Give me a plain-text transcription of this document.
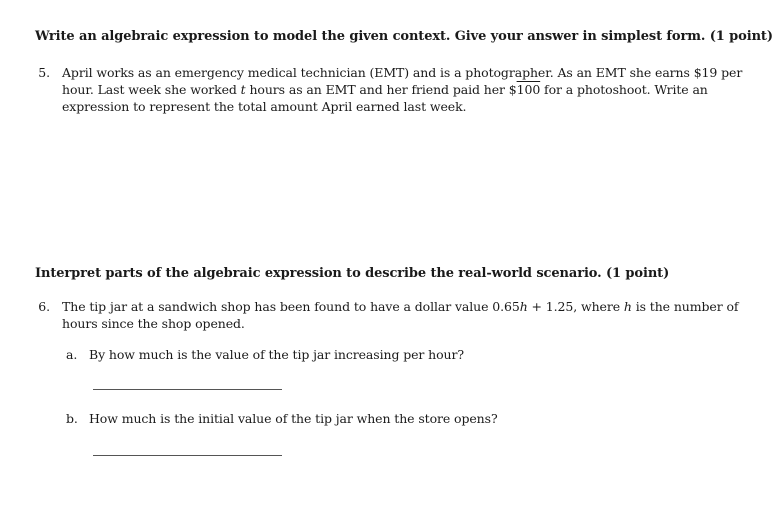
Write an algebraic expression to model the given context. Give your answer in simplest form. (1 point)
5. April works as an emergency medical technician (EMT) and is a photographer. As an EMT she earns $19 per
hour. Last week she worked t hours as an EMT and her friend paid her $100 for a photoshoot. Write an
expression to represent the total amount April earned last week.
Interpret parts of the algebraic expression to describe the real-world scenario. (1 point)
6. The tip jar at a sandwich shop has been found to have a dollar value 0.65h + 1.25, where h is the number of
hours since the shop opened.
a. By how much is the value of the tip jar increasing per hour?
b. How much is the initial value of the tip jar when the store opens?
